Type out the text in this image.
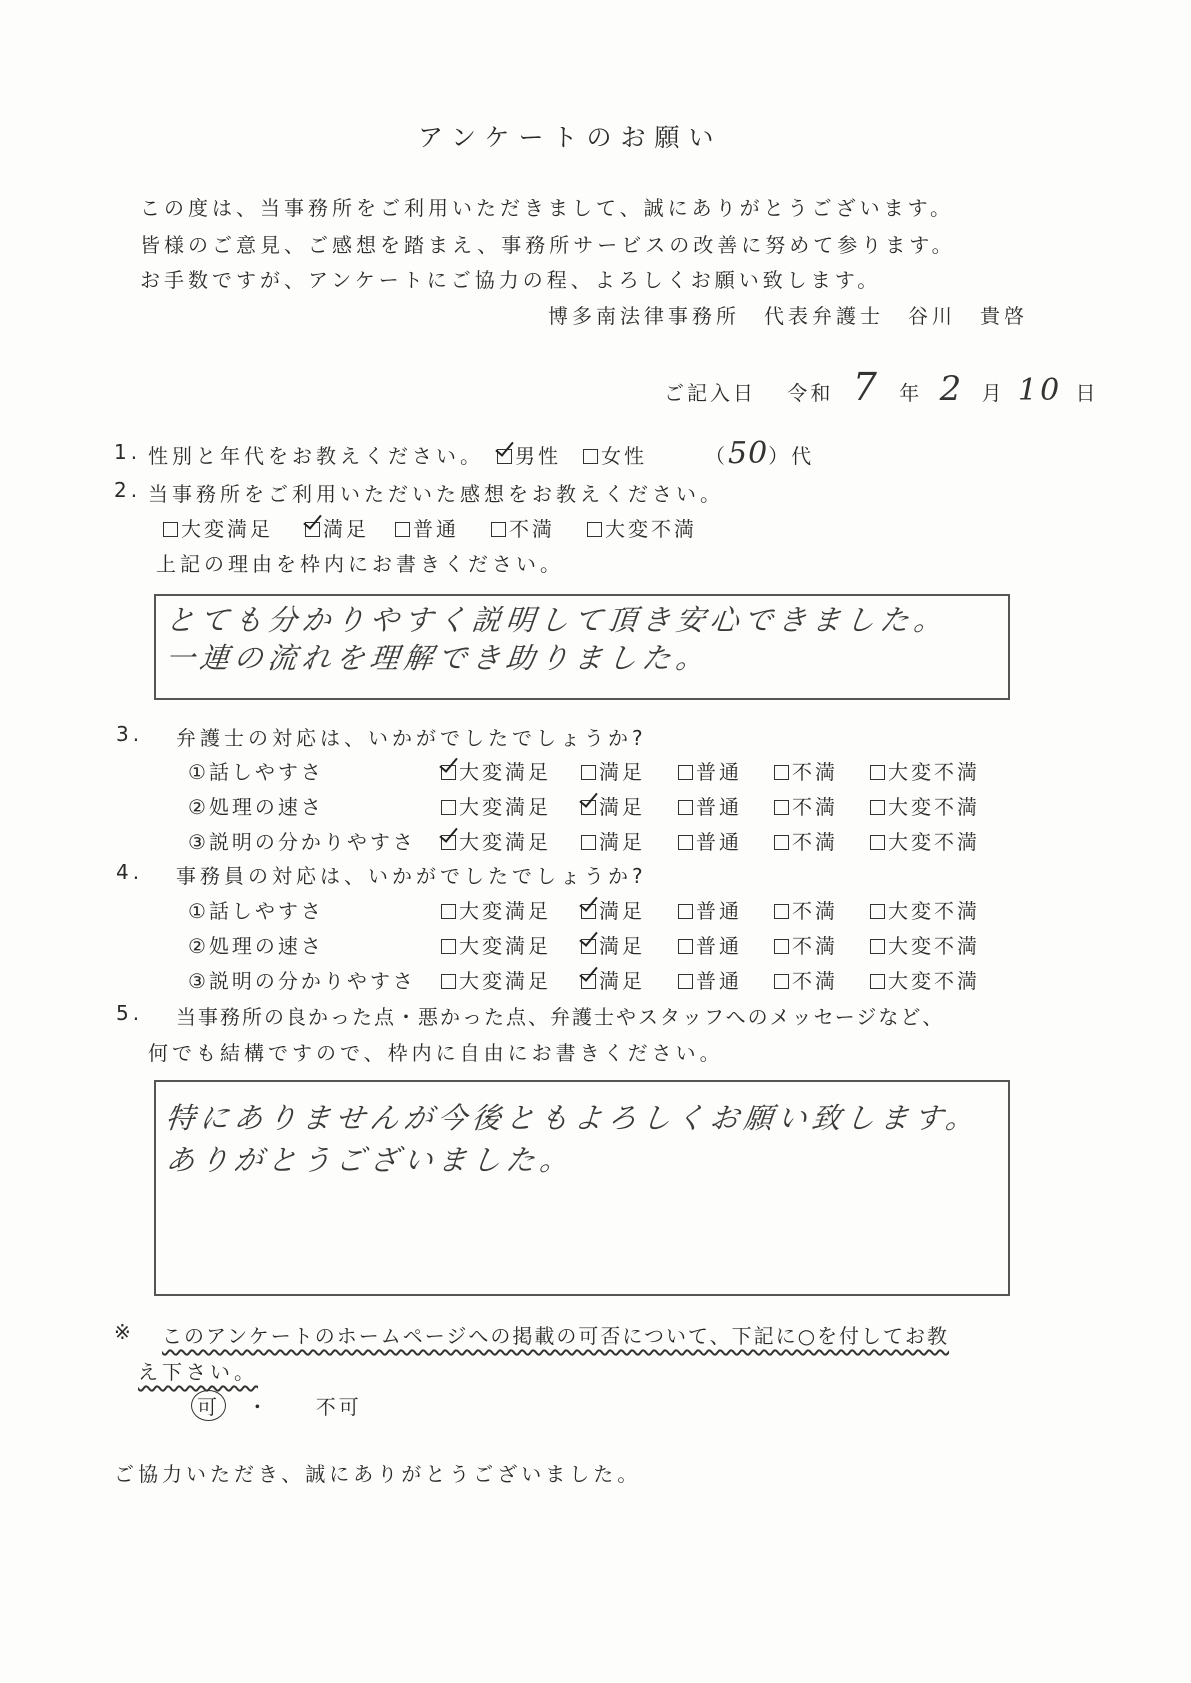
アンケートのお願い
この度は、当事務所をご利用いただきまして、誠にありがとうございます。
皆様のご意見、ご感想を踏まえ、事務所サービスの改善に努めて参ります。
お手数ですが、アンケートにご協力の程、よろしくお願い致します。
博多南法律事務所　代表弁護士　谷川　貴啓
ご記入日 令和 7 年 2 月 10 日
1. 性別と年代をお教えください。	男性	女性	（50）代
2. 当事務所をご利用いただいた感想をお教えください。
大変満足	満足	普通	不満	大変不満
上記の理由を枠内にお書きください。
とても分かりやすく説明して頂き安心できました。
一連の流れを理解でき助りました。
3. 弁護士の対応は、いかがでしたでしょうか?
①話しやすさ	大変満足	満足	普通	不満	大変不満
②処理の速さ	大変満足	満足	普通	不満	大変不満
③説明の分かりやすさ	大変満足	満足	普通	不満	大変不満
4. 事務員の対応は、いかがでしたでしょうか?
①話しやすさ	大変満足	満足	普通	不満	大変不満
②処理の速さ	大変満足	満足	普通	不満	大変不満
③説明の分かりやすさ	大変満足	満足	普通	不満	大変不満
5. 当事務所の良かった点・悪かった点、弁護士やスタッフへのメッセージなど、
何でも結構ですので、枠内に自由にお書きください。
特にありませんが今後ともよろしくお願い致します。
ありがとうございました。
※ このアンケートのホームページへの掲載の可否について、下記に○を付してお教
え下さい。
可 ・ 不可
ご協力いただき、誠にありがとうございました。
